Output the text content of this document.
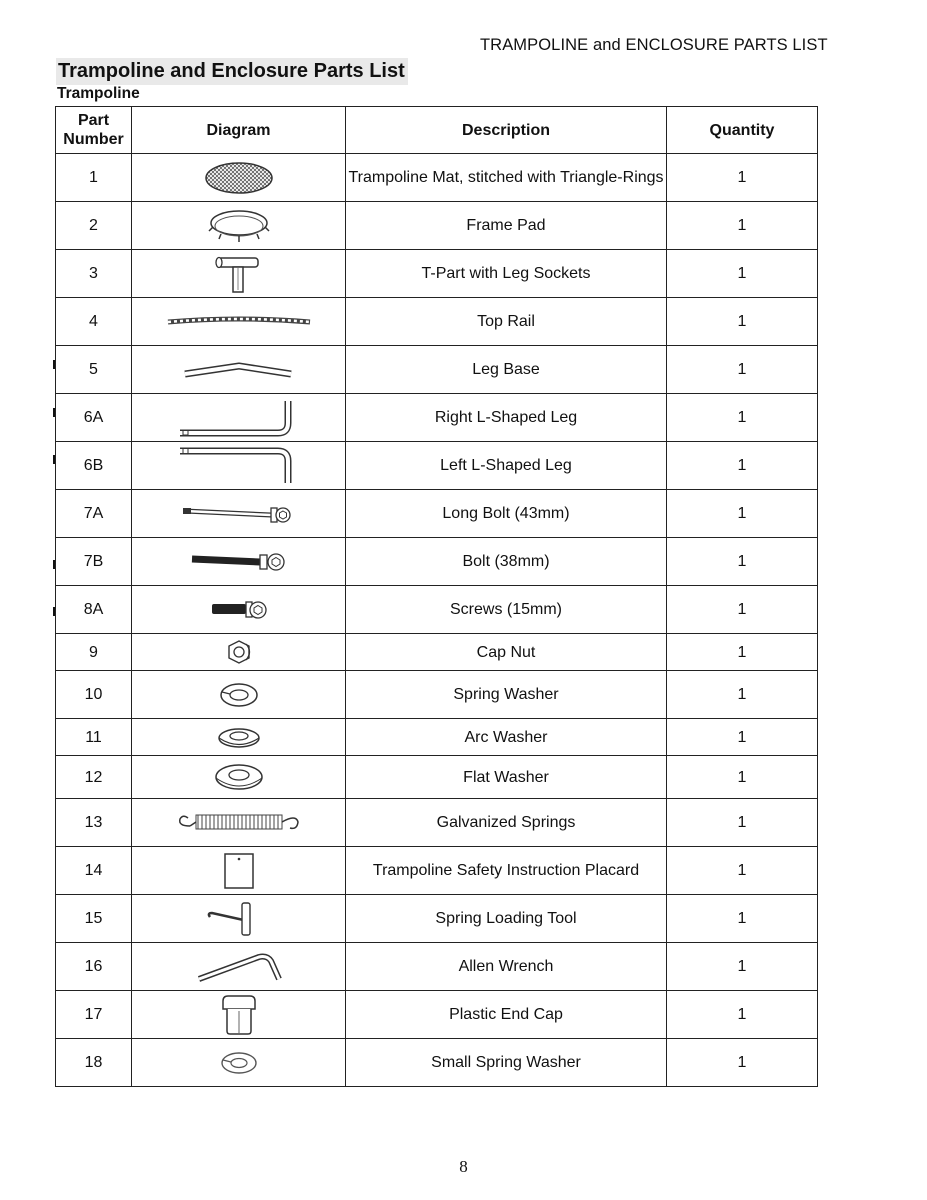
TRAMPOLINE and ENCLOSURE PARTS LIST
Trampoline and Enclosure Parts List
Trampoline
Part Number	Diagram	Description	Quantity
1		Trampoline Mat, stitched with Triangle-Rings	1
2		Frame Pad	1
3		T-Part with Leg Sockets	1
4		Top Rail	1
5		Leg Base	1
6A		Right L-Shaped Leg	1
6B		Left L-Shaped Leg	1
7A		Long Bolt (43mm)	1
7B		Bolt (38mm)	1
8A		Screws (15mm)	1
9		Cap Nut	1
10		Spring Washer	1
11		Arc Washer	1
12		Flat Washer	1
13		Galvanized Springs	1
14		Trampoline Safety Instruction Placard	1
15		Spring Loading Tool	1
16		Allen Wrench	1
17		Plastic End Cap	1
18		Small Spring Washer	1
8
